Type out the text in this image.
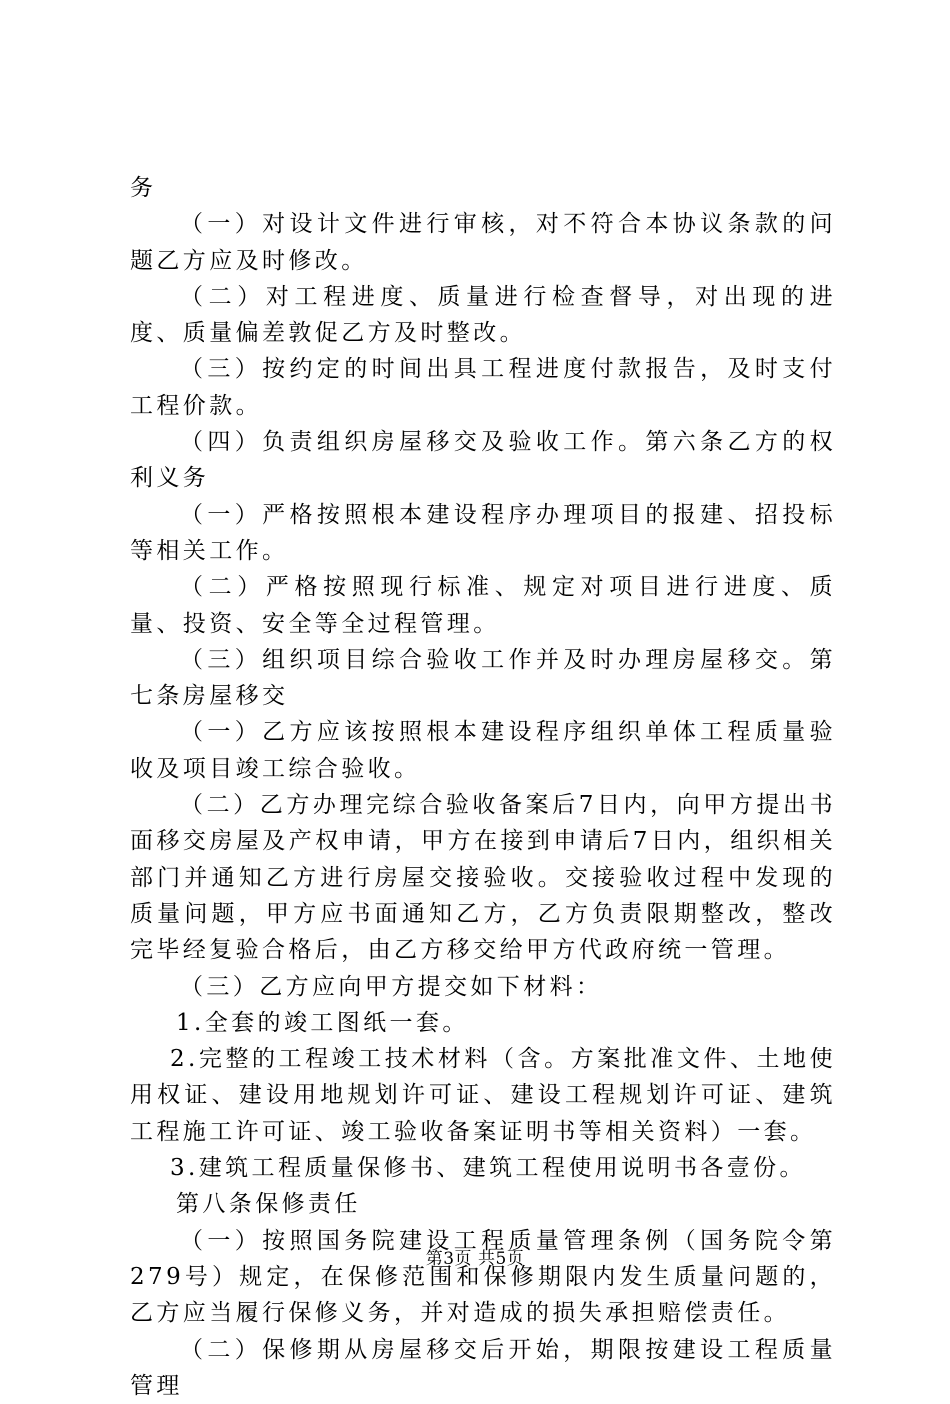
务

（一）对设计文件进行审核，对不符合本协议条款的问题乙方应及时修改。

（二）对工程进度、质量进行检查督导，对出现的进度、质量偏差敦促乙方及时整改。

（三）按约定的时间出具工程进度付款报告，及时支付工程价款。

（四）负责组织房屋移交及验收工作。第六条乙方的权利义务

（一）严格按照根本建设程序办理项目的报建、招投标等相关工作。

（二）严格按照现行标准、规定对项目进行进度、质量、投资、安全等全过程管理。

（三）组织项目综合验收工作并及时办理房屋移交。第七条房屋移交

（一）乙方应该按照根本建设程序组织单体工程质量验收及项目竣工综合验收。

（二）乙方办理完综合验收备案后7日内，向甲方提出书面移交房屋及产权申请，甲方在接到申请后7日内，组织相关部门并通知乙方进行房屋交接验收。交接验收过程中发现的质量问题，甲方应书面通知乙方，乙方负责限期整改，整改完毕经复验合格后，由乙方移交给甲方代政府统一管理。

（三）乙方应向甲方提交如下材料：

1.全套的竣工图纸一套。

2.完整的工程竣工技术材料（含。方案批准文件、土地使用权证、建设用地规划许可证、建设工程规划许可证、建筑工程施工许可证、竣工验收备案证明书等相关资料）一套。

3.建筑工程质量保修书、建筑工程使用说明书各壹份。

第八条保修责任

（一）按照国务院建设工程质量管理条例（国务院令第279号）规定，在保修范围和保修期限内发生质量问题的，乙方应当履行保修义务，并对造成的损失承担赔偿责任。

（二）保修期从房屋移交后开始，期限按建设工程质量管理

第3页 共5页
